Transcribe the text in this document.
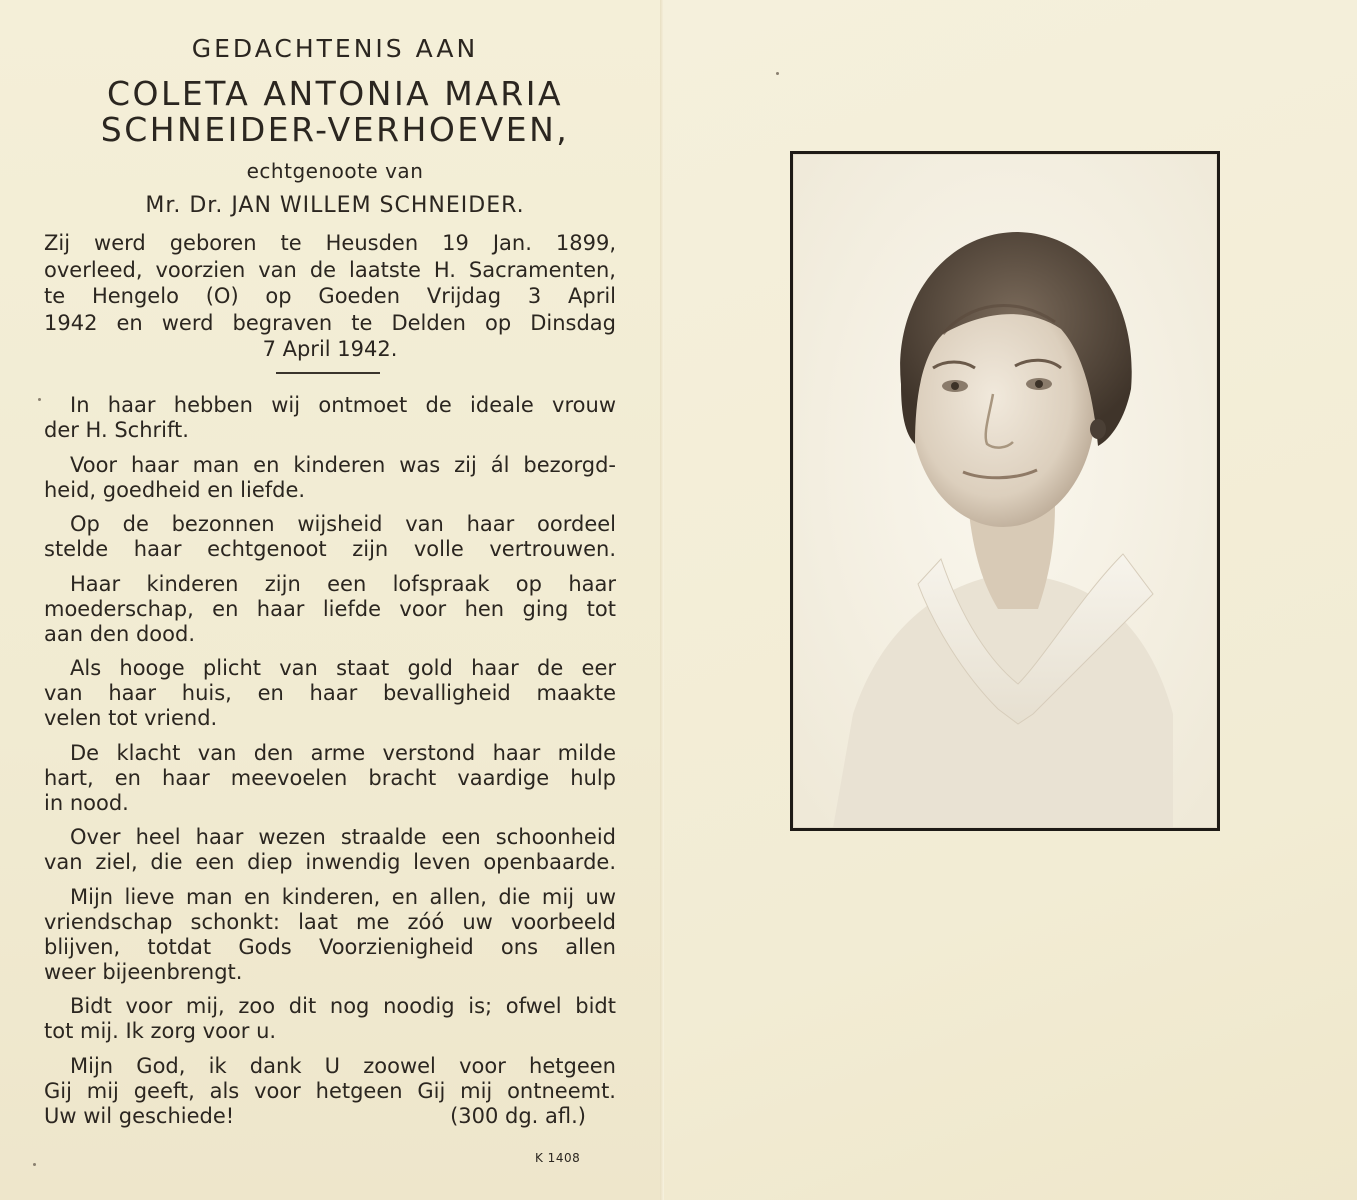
GEDACHTENIS AAN
COLETA ANTONIA MARIA
SCHNEIDER-VERHOEVEN,
echtgenoote van
Mr. Dr. JAN WILLEM SCHNEIDER.
Zij werd geboren te Heusden 19 Jan. 1899,
overleed, voorzien van de laatste H. Sacramenten,
te Hengelo (O) op Goeden Vrijdag 3 April
1942 en werd begraven te Delden op Dinsdag
7 April 1942.
In haar hebben wij ontmoet de ideale vrouw
der H. Schrift.
Voor haar man en kinderen was zij ál bezorgd-
heid, goedheid en liefde.
Op de bezonnen wijsheid van haar oordeel
stelde haar echtgenoot zijn volle vertrouwen.
Haar kinderen zijn een lofspraak op haar
moederschap, en haar liefde voor hen ging tot
aan den dood.
Als hooge plicht van staat gold haar de eer
van haar huis, en haar bevalligheid maakte
velen tot vriend.
De klacht van den arme verstond haar milde
hart, en haar meevoelen bracht vaardige hulp
in nood.
Over heel haar wezen straalde een schoonheid
van ziel, die een diep inwendig leven openbaarde.
Mijn lieve man en kinderen, en allen, die mij uw
vriendschap schonkt: laat me zóó uw voorbeeld
blijven, totdat Gods Voorzienigheid ons allen
weer bijeenbrengt.
Bidt voor mij, zoo dit nog noodig is; ofwel bidt
tot mij. Ik zorg voor u.
Mijn God, ik dank U zoowel voor hetgeen
Gij mij geeft, als voor hetgeen Gij mij ontneemt.
Uw wil geschiede!	(300 dg. afl.)
K 1408
